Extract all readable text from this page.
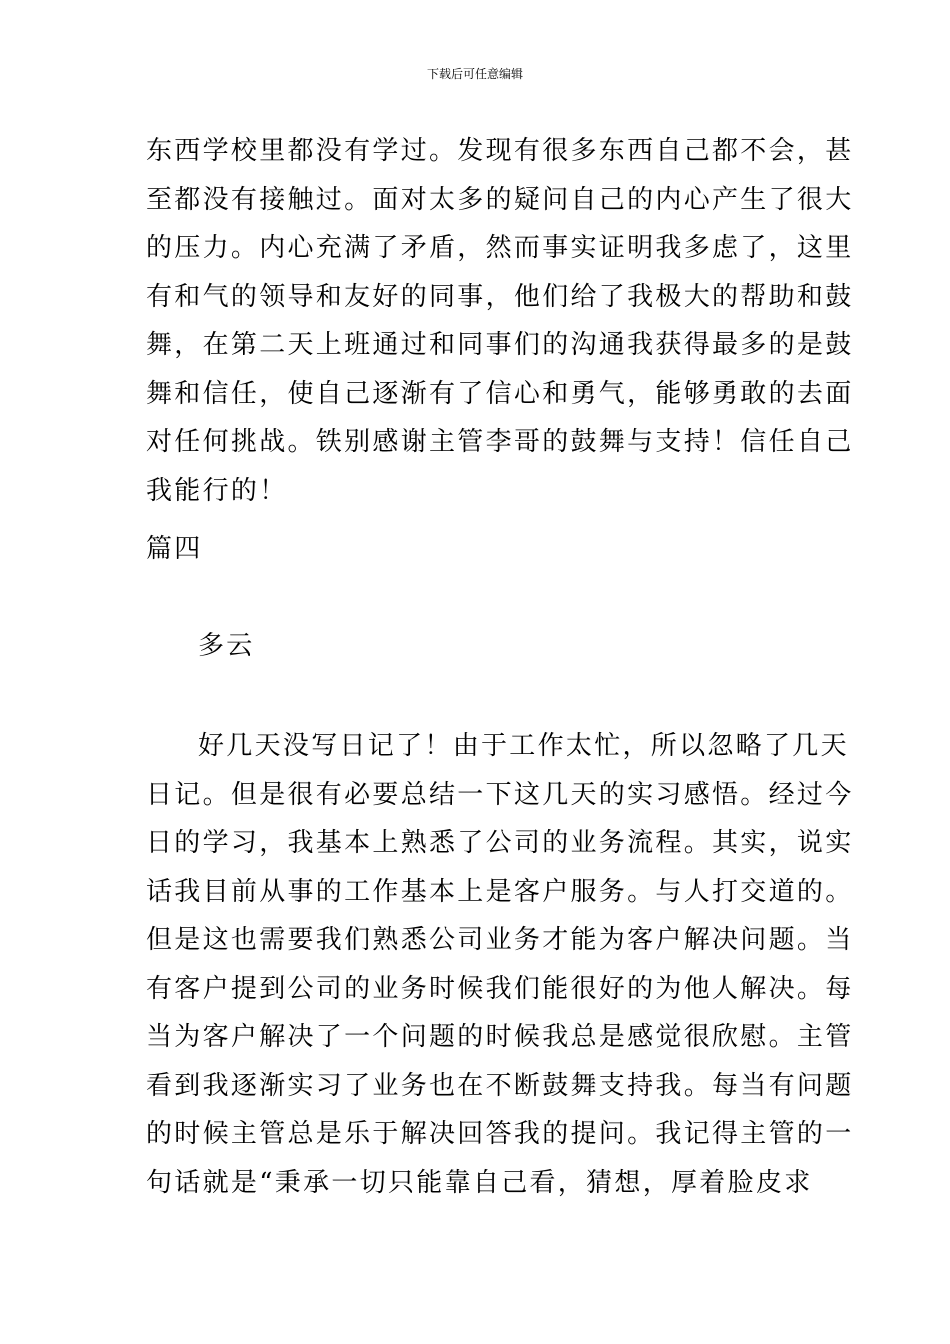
下载后可任意编辑
东西学校里都没有学过。发现有很多东西自己都不会，甚
至都没有接触过。面对太多的疑问自己的内心产生了很大
的压力。内心充满了矛盾，然而事实证明我多虑了，这里
有和气的领导和友好的同事，他们给了我极大的帮助和鼓
舞，在第二天上班通过和同事们的沟通我获得最多的是鼓
舞和信任，使自己逐渐有了信心和勇气，能够勇敢的去面
对任何挑战。铁别感谢主管李哥的鼓舞与支持！信任自己
我能行的！
篇四
多云
好几天没写日记了！由于工作太忙，所以忽略了几天
日记。但是很有必要总结一下这几天的实习感悟。经过今
日的学习，我基本上熟悉了公司的业务流程。其实，说实
话我目前从事的工作基本上是客户服务。与人打交道的。
但是这也需要我们熟悉公司业务才能为客户解决问题。当
有客户提到公司的业务时候我们能很好的为他人解决。每
当为客户解决了一个问题的时候我总是感觉很欣慰。主管
看到我逐渐实习了业务也在不断鼓舞支持我。每当有问题
的时候主管总是乐于解决回答我的提问。我记得主管的一
句话就是“秉承一切只能靠自己看，猜想，厚着脸皮求
